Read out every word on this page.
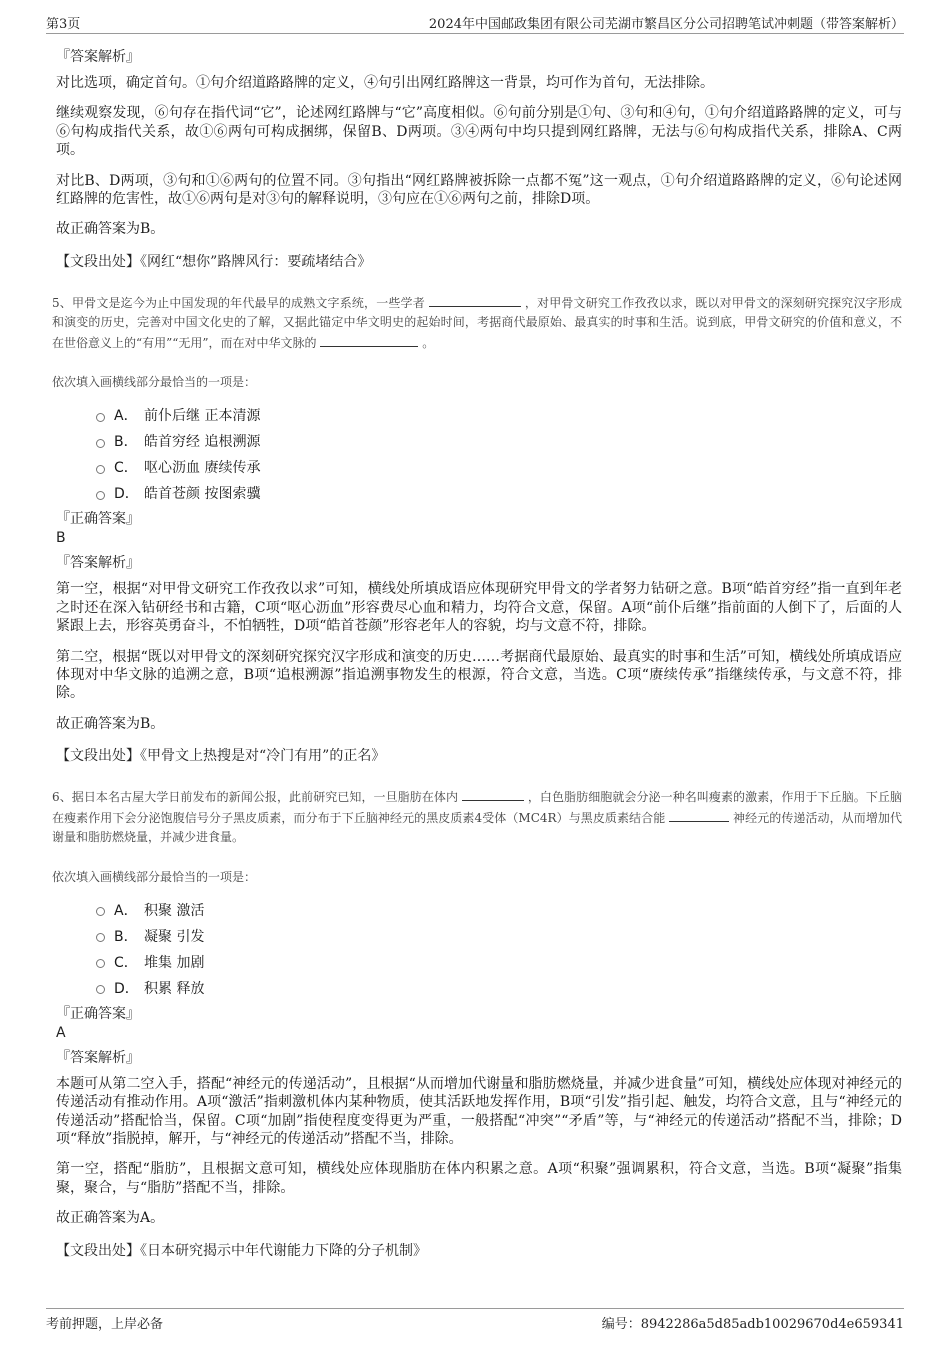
第3页	2024年中国邮政集团有限公司芜湖市繁昌区分公司招聘笔试冲刺题（带答案解析）
『答案解析』
对比选项，确定首句。①句介绍道路路牌的定义，④句引出网红路牌这一背景，均可作为首句，无法排除。
继续观察发现，⑥句存在指代词“它”，论述网红路牌与“它”高度相似。⑥句前分别是①句、③句和④句，①句介绍道路路牌的定义，可与⑥句构成指代关系，故①⑥两句可构成捆绑，保留B、D两项。③④两句中均只提到网红路牌，无法与⑥句构成指代关系，排除A、C两项。
对比B、D两项，③句和①⑥两句的位置不同。③句指出“网红路牌被拆除一点都不冤”这一观点，①句介绍道路路牌的定义，⑥句论述网红路牌的危害性，故①⑥两句是对③句的解释说明，③句应在①⑥两句之前，排除D项。
故正确答案为B。
【文段出处】《网红“想你”路牌风行：要疏堵结合》
5、甲骨文是迄今为止中国发现的年代最早的成熟文字系统，一些学者	，对甲骨文研究工作孜孜以求，既以对甲骨文的深刻研究探究汉字形成和演变的历史，完善对中国文化史的了解，又据此锚定中华文明史的起始时间，考据商代最原始、最真实的时事和生活。说到底，甲骨文研究的价值和意义，不在世俗意义上的“有用”“无用”，而在对中华文脉的	。
依次填入画横线部分最恰当的一项是：
A． 前仆后继 正本清源
B． 皓首穷经 追根溯源
C． 呕心沥血 赓续传承
D． 皓首苍颜 按图索骥
『正确答案』
B
『答案解析』
第一空，根据“对甲骨文研究工作孜孜以求”可知，横线处所填成语应体现研究甲骨文的学者努力钻研之意。B项“皓首穷经”指一直到年老之时还在深入钻研经书和古籍，C项“呕心沥血”形容费尽心血和精力，均符合文意，保留。A项“前仆后继”指前面的人倒下了，后面的人紧跟上去，形容英勇奋斗，不怕牺牲，D项“皓首苍颜”形容老年人的容貌，均与文意不符，排除。
第二空，根据“既以对甲骨文的深刻研究探究汉字形成和演变的历史……考据商代最原始、最真实的时事和生活”可知，横线处所填成语应体现对中华文脉的追溯之意，B项“追根溯源”指追溯事物发生的根源，符合文意，当选。C项“赓续传承”指继续传承，与文意不符，排除。
故正确答案为B。
【文段出处】《甲骨文上热搜是对“冷门有用”的正名》
6、据日本名古屋大学日前发布的新闻公报，此前研究已知，一旦脂肪在体内	，白色脂肪细胞就会分泌一种名叫瘦素的激素，作用于下丘脑。下丘脑在瘦素作用下会分泌饱腹信号分子黑皮质素，而分布于下丘脑神经元的黑皮质素4受体（MC4R）与黑皮质素结合能	神经元的传递活动，从而增加代谢量和脂肪燃烧量，并减少进食量。
依次填入画横线部分最恰当的一项是：
A． 积聚 激活
B． 凝聚 引发
C． 堆集 加剧
D． 积累 释放
『正确答案』
A
『答案解析』
本题可从第二空入手，搭配“神经元的传递活动”，且根据“从而增加代谢量和脂肪燃烧量，并减少进食量”可知，横线处应体现对神经元的传递活动有推动作用。A项“激活”指刺激机体内某种物质，使其活跃地发挥作用，B项“引发”指引起、触发，均符合文意，且与“神经元的传递活动”搭配恰当，保留。C项“加剧”指使程度变得更为严重，一般搭配“冲突”“矛盾”等，与“神经元的传递活动”搭配不当，排除；D项“释放”指脱掉，解开，与“神经元的传递活动”搭配不当，排除。
第一空，搭配“脂肪”，且根据文意可知，横线处应体现脂肪在体内积累之意。A项“积聚”强调累积，符合文意，当选。B项“凝聚”指集聚，聚合，与“脂肪”搭配不当，排除。
故正确答案为A。
【文段出处】《日本研究揭示中年代谢能力下降的分子机制》
考前押题，上岸必备	编号：8942286a5d85adb10029670d4e659341
